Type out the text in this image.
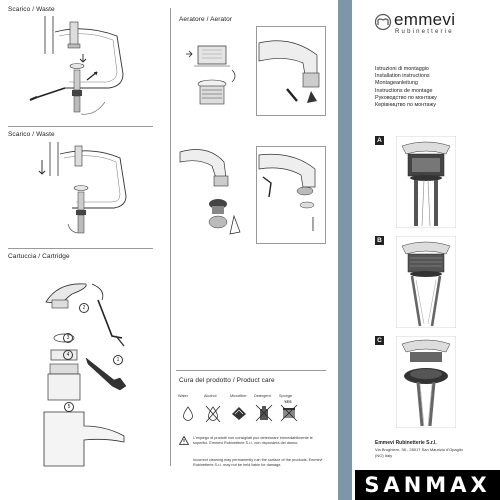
Scarico / Waste
Scarico / Waste
Cartuccia / Cartridge
2
3
4
1
5
Aeratore / Aerator
Cura del prodotto / Product care
Water	Alcohol	Microfiber Detergent Sponge
YES
L'impiego di prodotti non consigliati può deteriorare irrimediabilmente le superfici. Emmevi Rubinetterie S.r.l. non risponderà del danno.
Incorrect cleaning may permanently ruin the surface of the products. Emmevi Rubinetterie S.r.l. may not be held liable for damage.
emmevi
Rubinetterie
Istruzioni di montaggio
Installation instructions
Montageanleitung
Instructions de montage
Руководство по монтажу
Керівництво по монтажу
A
B
C
Emmevi Rubinetterie S.r.l.
Via Brughiere, 38 - 28017 San Maurizio d'Opaglio
(NO) Italy
SANMAX
